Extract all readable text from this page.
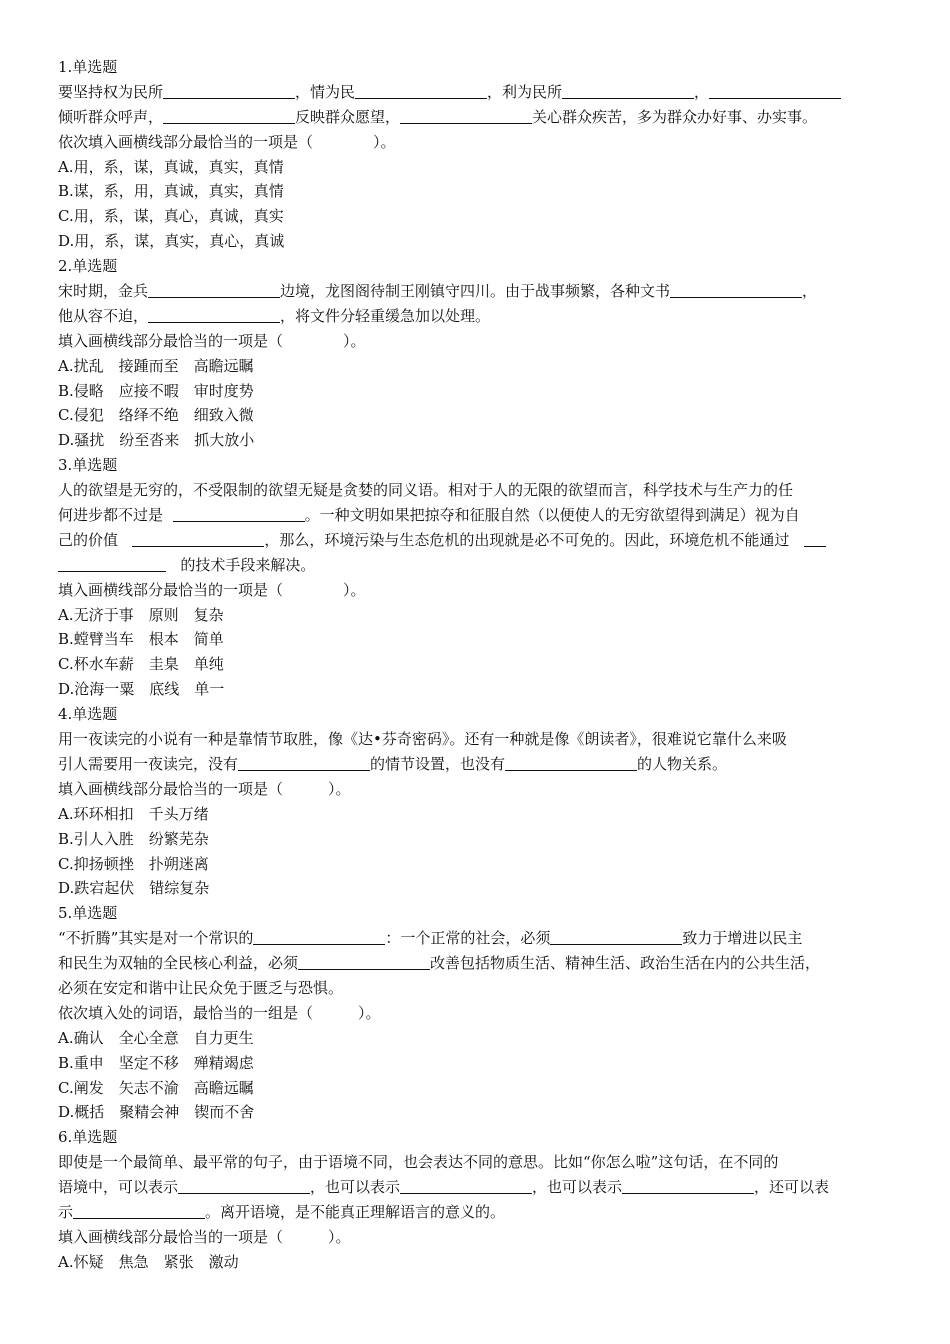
1.单选题
要坚持权为民所	，情为民	，利为民所	，
倾听群众呼声，	反映群众愿望，	关心群众疾苦，多为群众办好事、办实事。
依次填入画横线部分最恰当的一项是（　　　　）。
A.用，系，谋，真诚，真实，真情
B.谋，系，用，真诚，真实，真情
C.用，系，谋，真心，真诚，真实
D.用，系，谋，真实，真心，真诚
2.单选题
宋时期，金兵	边境，龙图阁待制王刚镇守四川。由于战事频繁，各种文书	，
他从容不迫，	，将文件分轻重缓急加以处理。
填入画横线部分最恰当的一项是（　　　　）。
A.扰乱　接踵而至　高瞻远瞩
B.侵略　应接不暇　审时度势
C.侵犯　络绎不绝　细致入微
D.骚扰　纷至沓来　抓大放小
3.单选题
人的欲望是无穷的，不受限制的欲望无疑是贪婪的同义语。相对于人的无限的欲望而言，科学技术与生产力的任
何进步都不过是	。一种文明如果把掠夺和征服自然（以便使人的无穷欲望得到满足）视为自
己的价值	，那么，环境污染与生态危机的出现就是必不可免的。因此，环境危机不能通过
的技术手段来解决。
填入画横线部分最恰当的一项是（　　　　）。
A.无济于事　原则　复杂
B.螳臂当车　根本　简单
C.杯水车薪　圭臬　单纯
D.沧海一粟　底线　单一
4.单选题
用一夜读完的小说有一种是靠情节取胜，像《达•芬奇密码》。还有一种就是像《朗读者》，很难说它靠什么来吸
引人需要用一夜读完，没有	的情节设置，也没有	的人物关系。
填入画横线部分最恰当的一项是（　　　）。
A.环环相扣　千头万绪
B.引人入胜　纷繁芜杂
C.抑扬顿挫　扑朔迷离
D.跌宕起伏　错综复杂
5.单选题
“不折腾”其实是对一个常识的	：一个正常的社会，必须	致力于增进以民主
和民生为双轴的全民核心利益，必须	改善包括物质生活、精神生活、政治生活在内的公共生活，
必须在安定和谐中让民众免于匮乏与恐惧。
依次填入处的词语，最恰当的一组是（　　　）。
A.确认　全心全意　自力更生
B.重申　坚定不移　殚精竭虑
C.阐发　矢志不渝　高瞻远瞩
D.概括　聚精会神　锲而不舍
6.单选题
即使是一个最简单、最平常的句子，由于语境不同，也会表达不同的意思。比如“你怎么啦”这句话，在不同的
语境中，可以表示	，也可以表示	，也可以表示	，还可以表
示	。离开语境，是不能真正理解语言的意义的。
填入画横线部分最恰当的一项是（　　　）。
A.怀疑　焦急　紧张　激动
